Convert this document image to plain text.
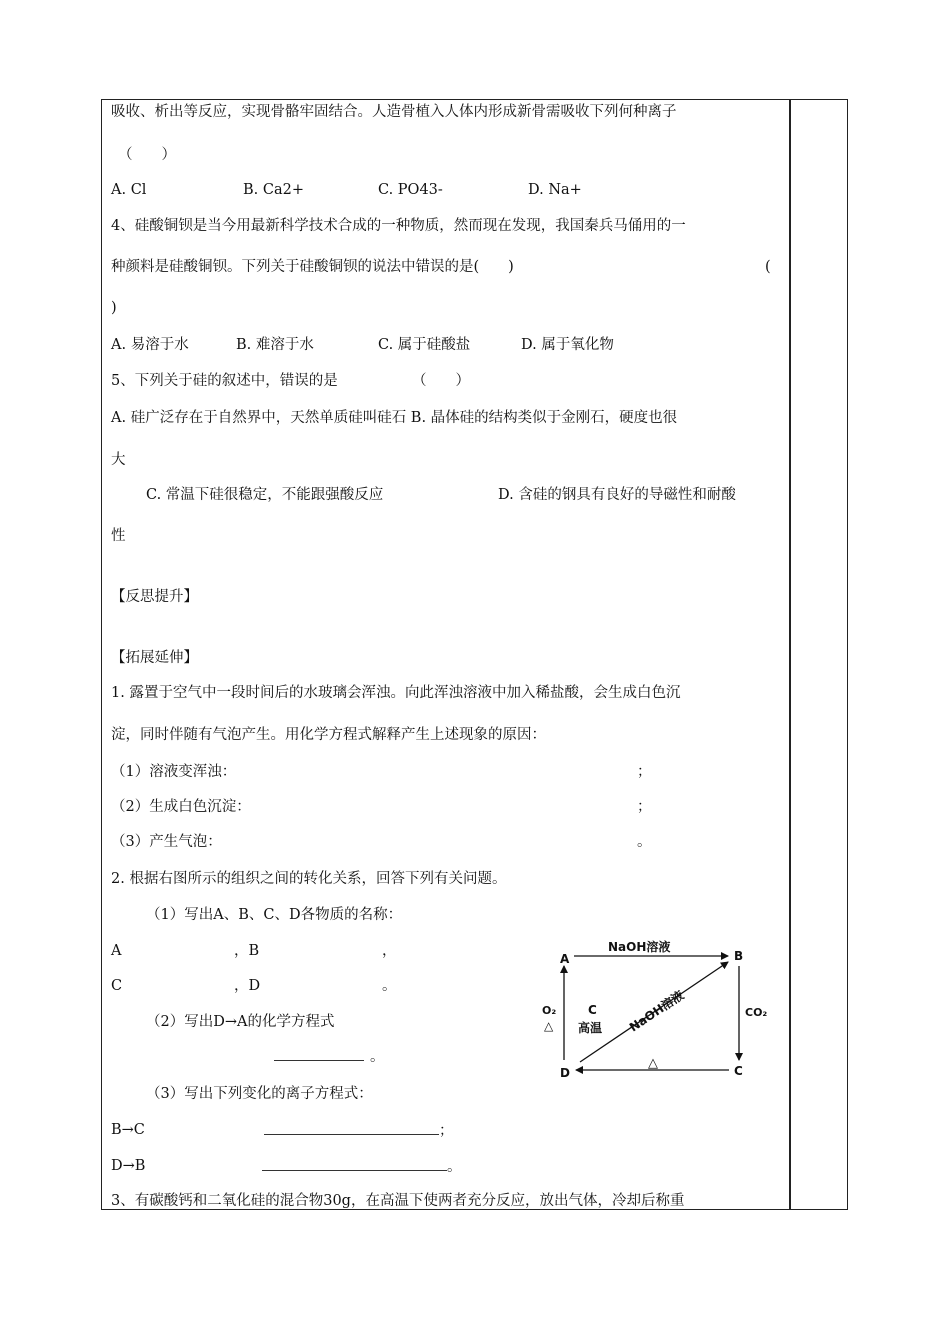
吸收、析出等反应，实现骨骼牢固结合。人造骨植入人体内形成新骨需吸收下列何种离子
（　　）
A. Cl	B. Ca2+	C. PO43-	D. Na+
4、硅酸铜钡是当今用最新科学技术合成的一种物质，然而现在发现，我国秦兵马俑用的一
种颜料是硅酸铜钡。下列关于硅酸铜钡的说法中错误的是(　　)	(
)
A. 易溶于水	B. 难溶于水	C. 属于硅酸盐	D. 属于氧化物
5、下列关于硅的叙述中，错误的是	（　　）
A. 硅广泛存在于自然界中，天然单质硅叫硅石 B. 晶体硅的结构类似于金刚石，硬度也很
大
C. 常温下硅很稳定，不能跟强酸反应	D. 含硅的钢具有良好的导磁性和耐酸
性
【反思提升】
【拓展延伸】
1. 露置于空气中一段时间后的水玻璃会浑浊。向此浑浊溶液中加入稀盐酸，会生成白色沉
淀，同时伴随有气泡产生。用化学方程式解释产生上述现象的原因：
（1）溶液变浑浊：	；
（2）生成白色沉淀：	；
（3）产生气泡：	。
2. 根据右图所示的组织之间的转化关系，回答下列有关问题。
（1）写出A、B、C、D各物质的名称：
A	，B	，
C	，D	。
（2）写出D→A的化学方程式
。
（3）写出下列变化的离子方程式：
B→C	；
D→B	。
3、有碳酸钙和二氧化硅的混合物30g，在高温下使两者充分反应，放出气体，冷却后称重
A	B
C
D
NaOH溶液
CO₂
O₂
△
C
高温 NaOH溶液
△
